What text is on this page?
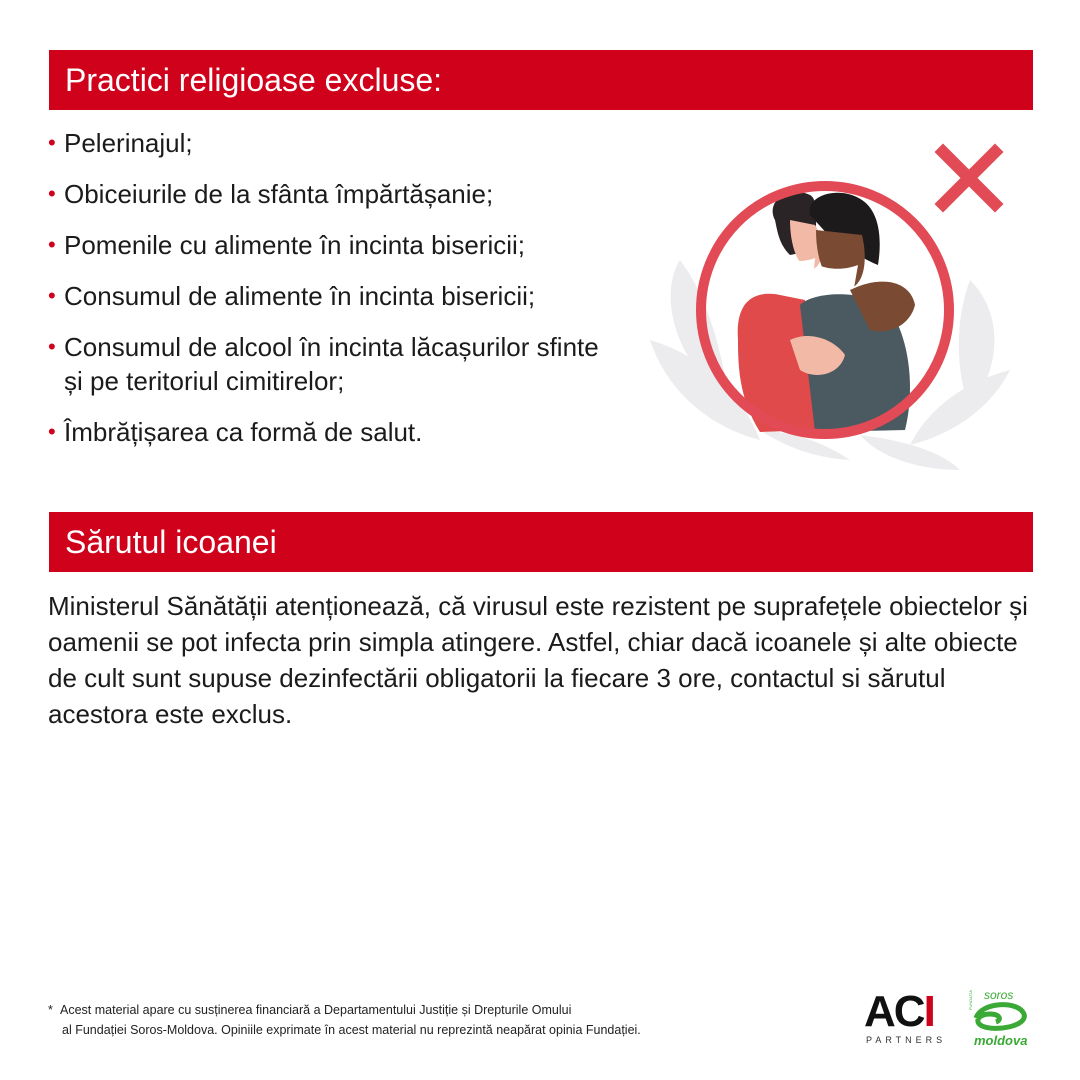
Practici religioase excluse:
• Pelerinajul;
• Obiceiurile de la sfânta împărtășanie;
• Pomenile cu alimente în incinta bisericii;
• Consumul de alimente în incinta bisericii;
• Consumul de alcool în incinta lăcașurilor sfinte și pe teritoriul cimitirelor;
• Îmbrățișarea ca formă de salut.
Sărutul icoanei

Ministerul Sănătății atenționează, că virusul este rezistent pe suprafețele obiectelor și oamenii se pot infecta prin simpla atingere. Astfel, chiar dacă icoanele și alte obiecte de cult sunt supuse dezinfectării obligatorii la fiecare 3 ore, contactul si sărutul acestora este exclus.

* Acest material apare cu susținerea financiară a Departamentului Justiție și Drepturile Omului
al Fundației Soros-Moldova. Opiniile exprimate în acest material nu reprezintă neapărat opinia Fundației.	ACI
PARTNERS
soros
FUNDAȚIA
moldova
